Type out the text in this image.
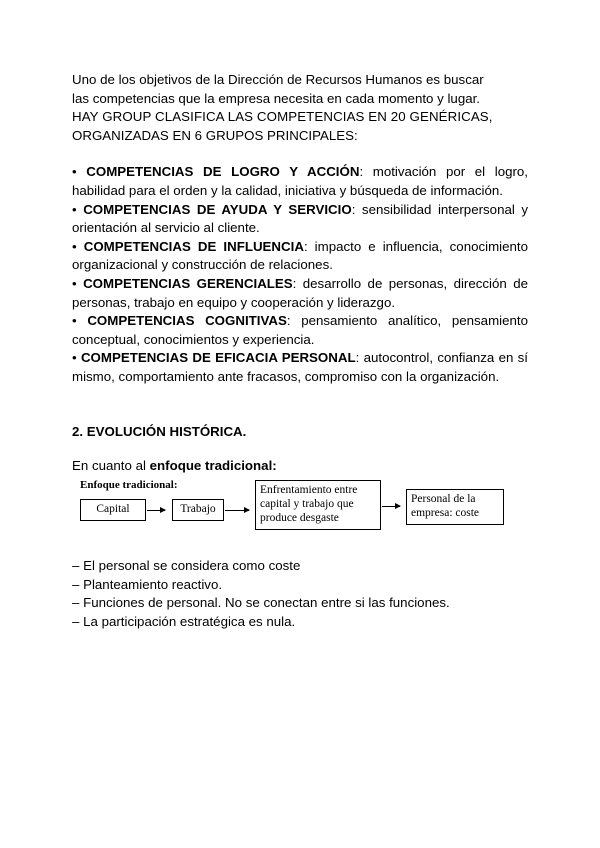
Uno de los objetivos de la Dirección de Recursos Humanos es buscar

las competencias que la empresa necesita en cada momento y lugar.

HAY GROUP CLASIFICA LAS COMPETENCIAS EN 20 GENÉRICAS,

ORGANIZADAS EN 6 GRUPOS PRINCIPALES:

• COMPETENCIAS DE LOGRO Y ACCIÓN: motivación por el logro, habilidad para el orden y la calidad, iniciativa y búsqueda de información.

• COMPETENCIAS DE AYUDA Y SERVICIO: sensibilidad interpersonal y orientación al servicio al cliente.

• COMPETENCIAS DE INFLUENCIA: impacto e influencia, conocimiento organizacional y construcción de relaciones.

• COMPETENCIAS GERENCIALES: desarrollo de personas, dirección de personas, trabajo en equipo y cooperación y liderazgo.

• COMPETENCIAS COGNITIVAS: pensamiento analítico, pensamiento conceptual, conocimientos y experiencia.

• COMPETENCIAS DE EFICACIA PERSONAL: autocontrol, confianza en sí mismo, comportamiento ante fracasos, compromiso con la organización.

2. EVOLUCIÓN HISTÓRICA.

En cuanto al enfoque tradicional:

Enfoque tradicional:
Capital	Trabajo
Enfrentamiento entre capital y trabajo que produce desgaste
Personal de la empresa: coste

– El personal se considera como coste

– Planteamiento reactivo.

– Funciones de personal. No se conectan entre si las funciones.

– La participación estratégica es nula.
